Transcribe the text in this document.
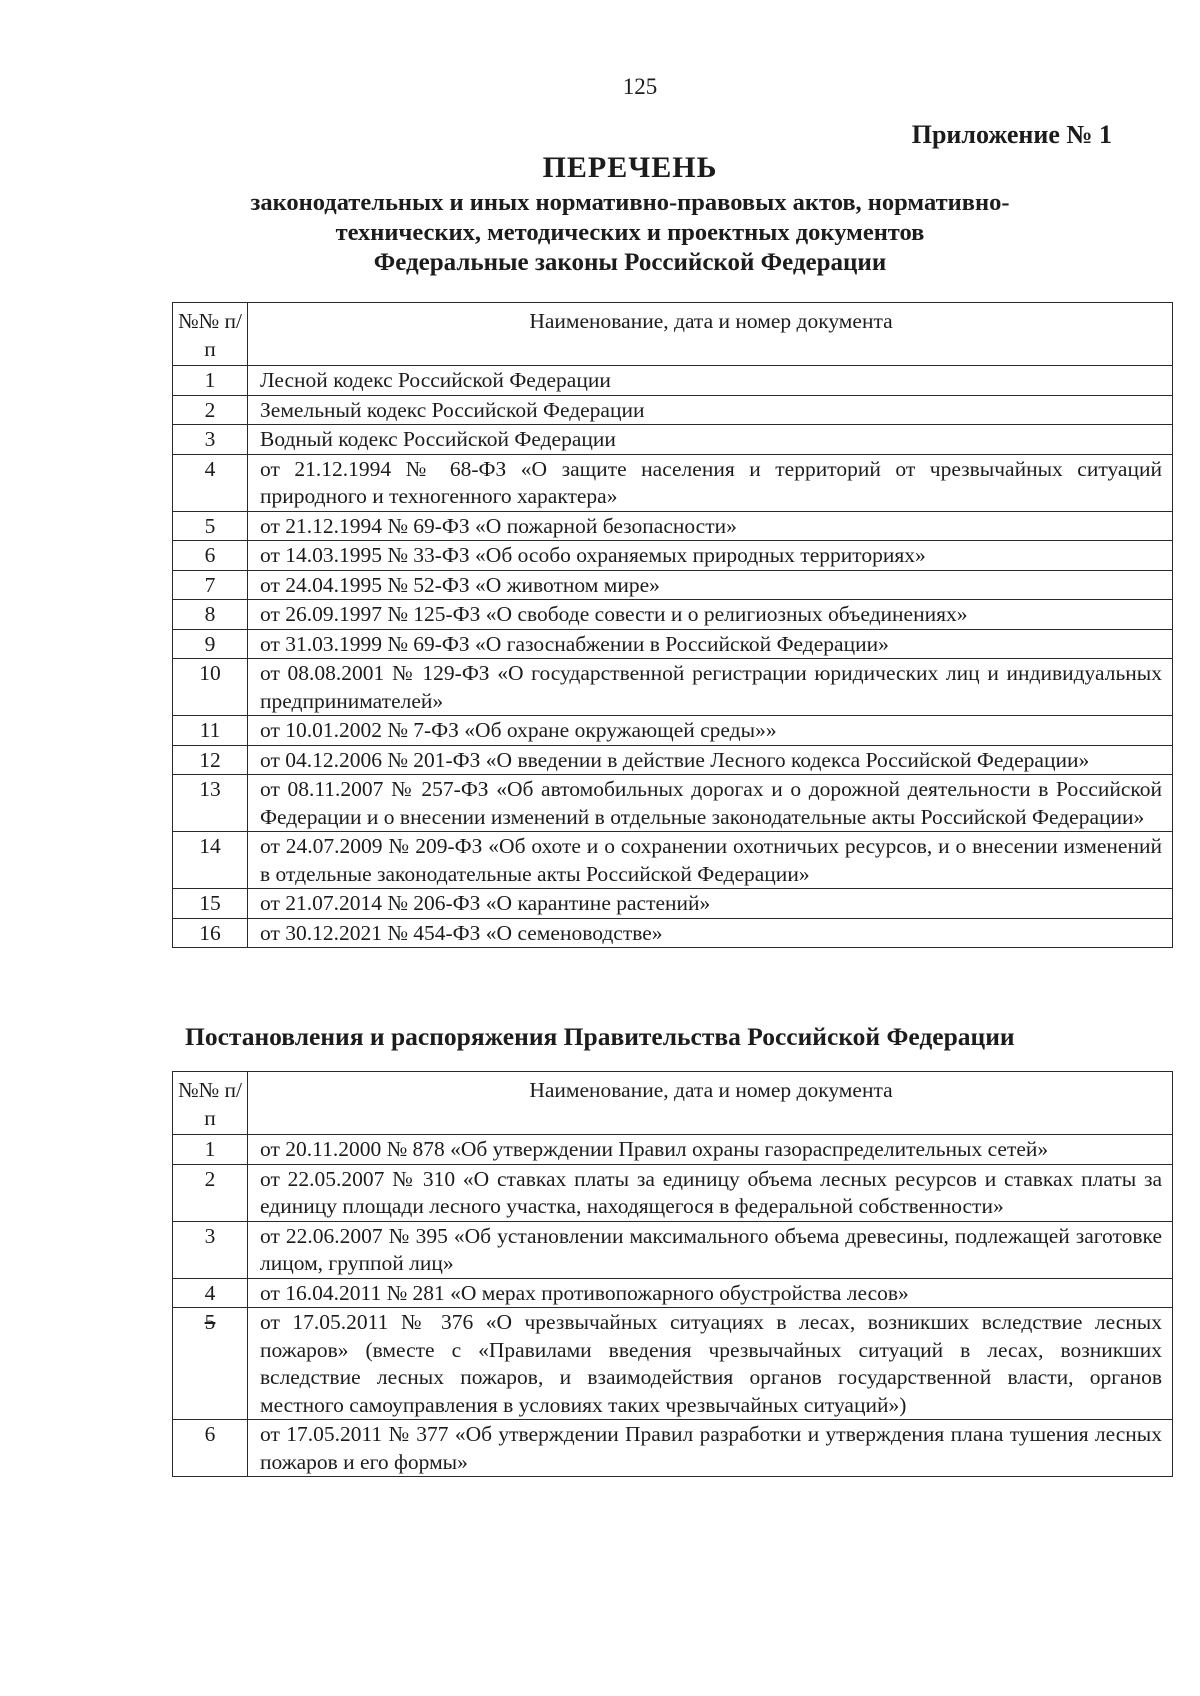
125
Приложение № 1
ПЕРЕЧЕНЬ
законодательных и иных нормативно-правовых актов, нормативно-
технических, методических и проектных документов
Федеральные законы Российской Федерации
№№ п/п	Наименование, дата и номер документа
1	Лесной кодекс Российской Федерации
2	Земельный кодекс Российской Федерации
3	Водный кодекс Российской Федерации
4	от 21.12.1994 № 68-ФЗ «О защите населения и территорий от чрезвычайных ситуаций природного и техногенного характера»
5	от 21.12.1994 № 69-ФЗ «О пожарной безопасности»
6	от 14.03.1995 № 33-ФЗ «Об особо охраняемых природных территориях»
7	от 24.04.1995 № 52-ФЗ «О животном мире»
8	от 26.09.1997 № 125-ФЗ «О свободе совести и о религиозных объединениях»
9	от 31.03.1999 № 69-ФЗ «О газоснабжении в Российской Федерации»
10	от 08.08.2001 № 129-ФЗ «О государственной регистрации юридических лиц и индивидуальных предпринимателей»
11	от 10.01.2002 № 7-ФЗ «Об охране окружающей среды»»
12	от 04.12.2006 № 201-ФЗ «О введении в действие Лесного кодекса Российской Федерации»
13	от 08.11.2007 № 257-ФЗ «Об автомобильных дорогах и о дорожной деятельности в Российской Федерации и о внесении изменений в отдельные законодательные акты Российской Федерации»
14	от 24.07.2009 № 209-ФЗ «Об охоте и о сохранении охотничьих ресурсов, и о внесении изменений в отдельные законодательные акты Российской Федерации»
15	от 21.07.2014 № 206-ФЗ «О карантине растений»
16	от 30.12.2021 № 454-ФЗ «О семеноводстве»
Постановления и распоряжения Правительства Российской Федерации
№№ п/п	Наименование, дата и номер документа
1	от 20.11.2000 № 878 «Об утверждении Правил охраны газораспределительных сетей»
2	от 22.05.2007 № 310 «О ставках платы за единицу объема лесных ресурсов и ставках платы за единицу площади лесного участка, находящегося в федеральной собственности»
3	от 22.06.2007 № 395 «Об установлении максимального объема древесины, подлежащей заготовке лицом, группой лиц»
4	от 16.04.2011 № 281 «О мерах противопожарного обустройства лесов»
5	от 17.05.2011 № 376 «О чрезвычайных ситуациях в лесах, возникших вследствие лесных пожаров» (вместе с «Правилами введения чрезвычайных ситуаций в лесах, возникших вследствие лесных пожаров, и взаимодействия органов государственной власти, органов местного самоуправления в условиях таких чрезвычайных ситуаций»)
6	от 17.05.2011 № 377 «Об утверждении Правил разработки и утверждения плана тушения лесных пожаров и его формы»
